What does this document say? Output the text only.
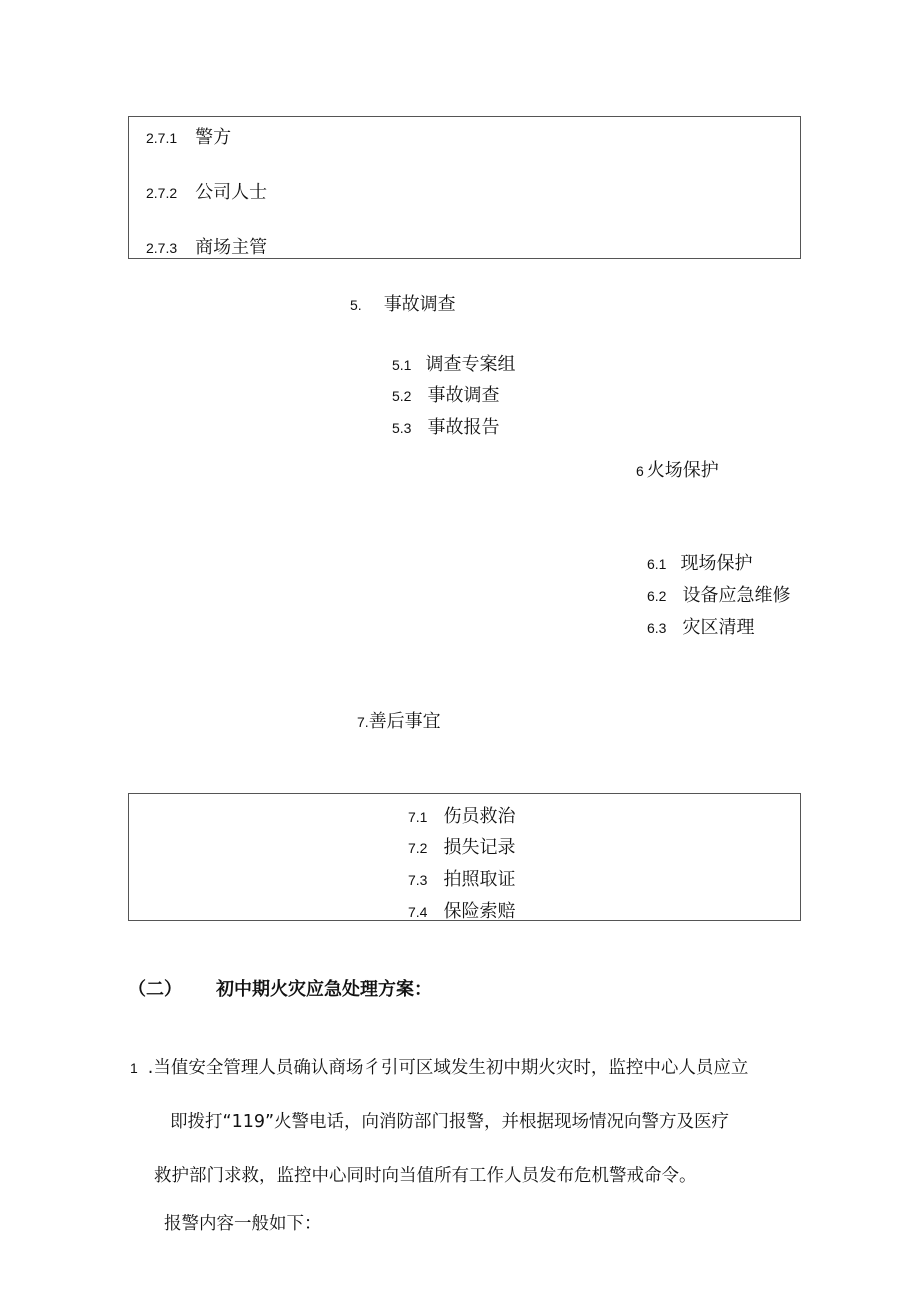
2.7.1 警方
2.7.2 公司人士
2.7.3 商场主管
5. 事故调查
5.1 调查专案组
5.2 事故调查
5.3 事故报告
6 火场保护
6.1 现场保护
6.2 设备应急维修
6.3 灾区清理
7. 善后事宜
7.1 伤员救治
7.2 损失记录
7.3 拍照取证
7.4 保险索赔
（二） 初中期火灾应急处理方案：
1 .当值安全管理人员确认商场彳引可区域发生初中期火灾时，监控中心人员应立
即拨打“119”火警电话，向消防部门报警，并根据现场情况向警方及医疗
救护部门求救，监控中心同时向当值所有工作人员发布危机警戒命令。
报警内容一般如下：
